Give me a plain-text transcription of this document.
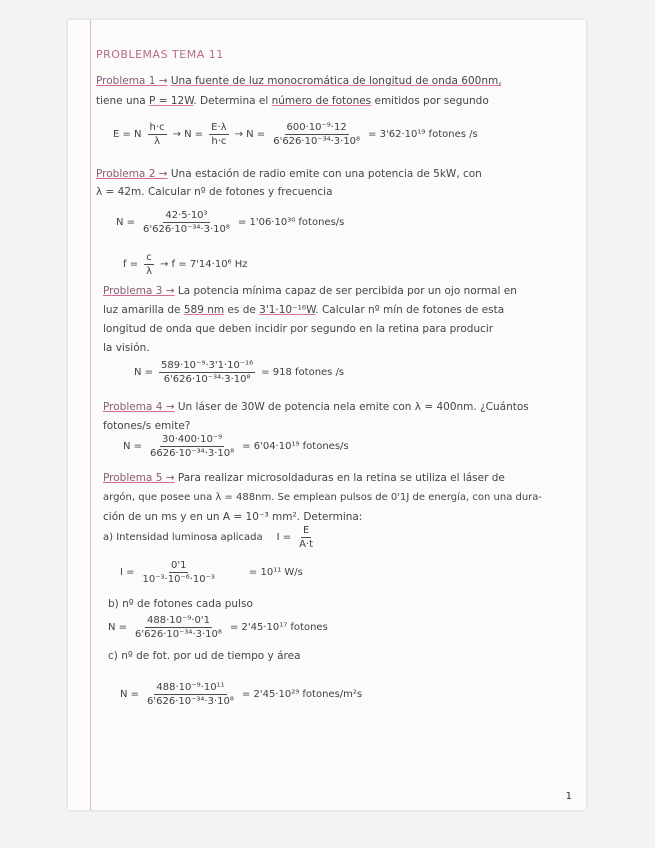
PROBLEMAS TEMA 11
Problema 1 → Una fuente de luz monocromática de longitud de onda 600nm,
tiene una P = 12W. Determina el número de fotones emitidos por segundo
E = N $\frac{h\cdot c}{\lambda} \to N = \frac{E\cdot\lambda}{h\cdot c} \to N = \frac{\text{600·10⁻⁹·12}}{\text{6'626·10⁻³⁴·3·10⁸}} = 3'62\cdot 10^{19}$ fotones /s
Problema 2 → Una estación de radio emite con una potencia de 5kW, con
λ = 42m. Calcular nº de fotones y frecuencia
$N = \frac{\text{42·5·10³}}{\text{6'626·10⁻³⁴·3·10⁸}} = 1'06\cdot 10^{30}$ fotones/s
$f = \frac{c}{\lambda} \to f = 7'14\cdot 10^6$ Hz
Problema 3 → La potencia mínima capaz de ser percibida por un ojo normal en
luz amarilla de 589 nm es de 3'1·10⁻¹⁶W. Calcular nº mín de fotones de esta
longitud de onda que deben incidir por segundo en la retina para producir
la visión.
$N = \frac{\text{589·10⁻⁹·3'1·10⁻¹⁶}}{\text{6'626·10⁻³⁴·3·10⁸}} = 918$ fotones /s
Problema 4 → Un láser de 30W de potencia nela emite con λ = 400nm. ¿Cuántos
fotones/s emite?
$N = \frac{\text{30·400·10⁻⁹}}{\text{6626·10⁻³⁴·3·10⁸}} = 6'04\cdot 10^{19}$ fotones/s
Problema 5 → Para realizar microsoldaduras en la retina se utiliza el láser de
argón, que posee una λ = 488nm. Se emplean pulsos de 0'1J de energía, con una dura-
ción de un ms y en un A = 10⁻³ mm². Determina:
a) Intensidad luminosa aplicada $I = \frac{E}{A\cdot t}$
$I = \frac{0'1}{\text{10⁻³·10⁻⁶·10⁻³}}$	= 10¹¹ W/s
b) nº de fotones cada pulso
$N = \frac{\text{488·10⁻⁹·0'1}}{\text{6'626·10⁻³⁴·3·10⁸}} = 2'45\cdot 10^{17}$ fotones
c) nº de fot. por ud de tiempo y área
$N = \frac{\text{488·10⁻⁹·10¹¹}}{\text{6'626·10⁻³⁴·3·10⁸}} = 2'45\cdot 10^{29}$ fotones/m²s
1
